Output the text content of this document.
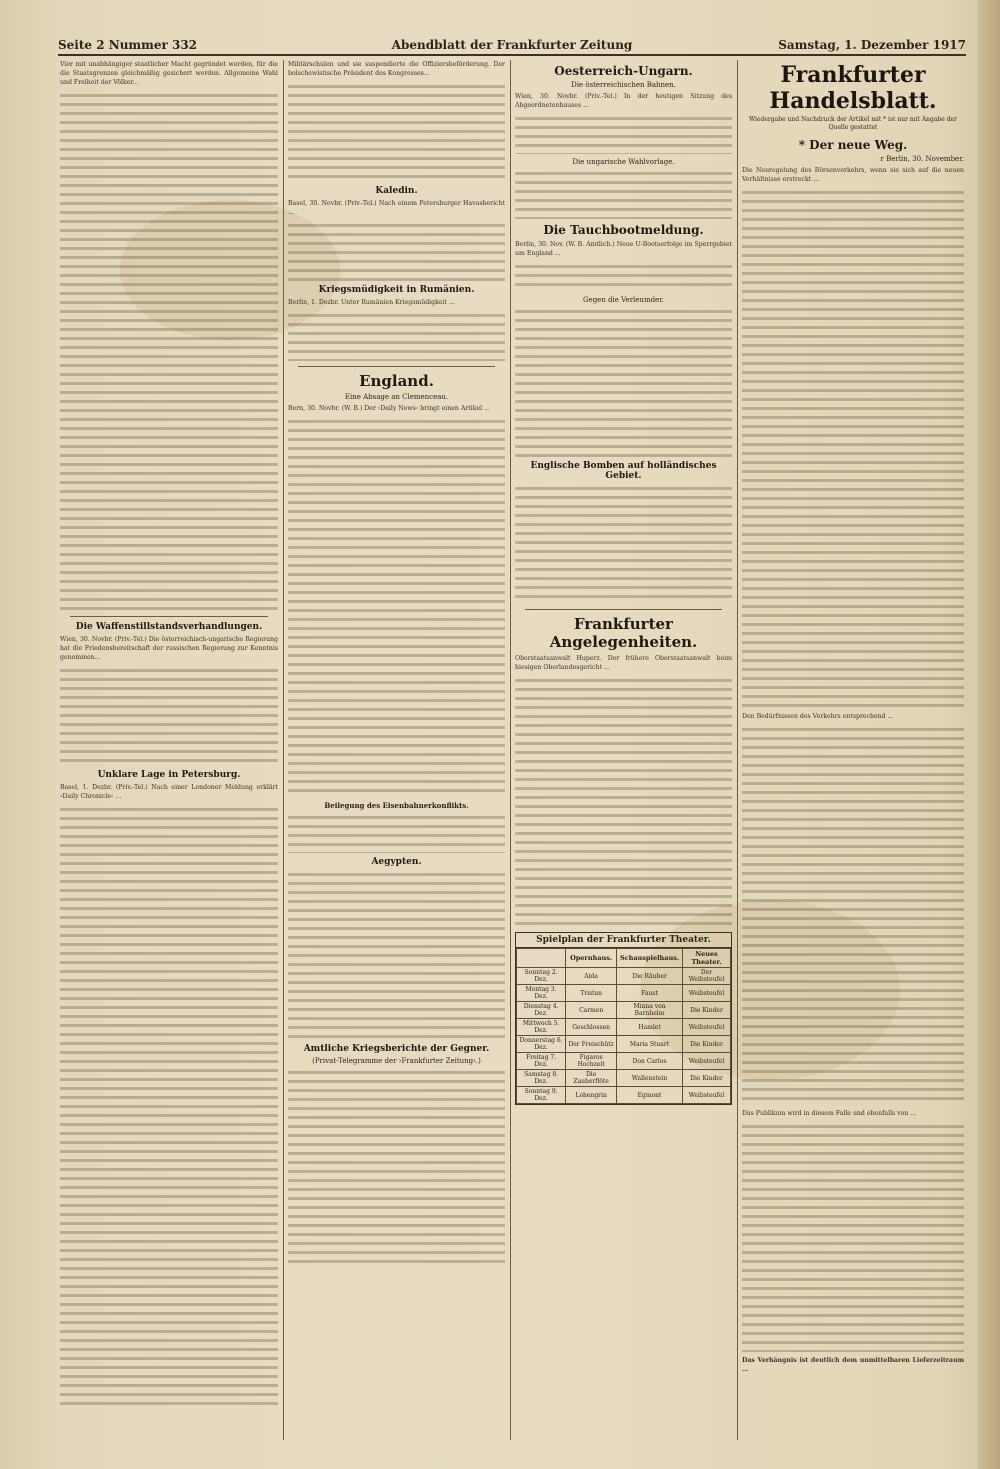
Seite 2 Nummer 332	Abendblatt der Frankfurter Zeitung	Samstag, 1. Dezember 1917

Vier mit unabhängiger staatlicher Macht gegründet werden, für die die Staatsgrenzen gleichmäßig gesichert werden. Allgemeine Wahl und Freiheit der Völker...

Die Waffenstillstandsverhandlungen.

Wien, 30. Novbr. (Priv.-Tel.) Die österreichisch-ungarische Regierung hat die Friedensbereitschaft der russischen Regierung zur Kenntnis genommen...

Unklare Lage in Petersburg.

Basel, 1. Dezbr. (Priv.-Tel.) Nach einer Londoner Meldung erklärt ›Daily Chronicle‹ ...

Militärschulen und sie suspendierte die Offiziersbeförderung. Der bolschewistische Präsident des Kongresses...

Kaledin.

Basel, 30. Novbr. (Priv.-Tel.) Nach einem Petersburger Havasbericht ...

Kriegsmüdigkeit in Rumänien.

Berlin, 1. Dezbr. Unter Rumänien Kriegsmüdigkeit ...

England.
Eine Absage an Clemenceau.

Bern, 30. Novbr. (W. B.) Der ›Daily News‹ bringt einen Artikel ...

Beilegung des Eisenbahnerkonflikts.
Aegypten.
Amtliche Kriegsberichte der Gegner.
(Privat-Telegramme der ›Frankfurter Zeitung‹.)
Oesterreich-Ungarn.
Die österreichischen Bahnen.

Wien, 30. Novbr. (Priv.-Tel.) In der heutigen Sitzung des Abgeordnetenhauses ...

Die ungarische Wahlvorlage.
Die Tauchbootmeldung.

Berlin, 30. Nov. (W. B. Amtlich.) Neue U-Bootserfolge im Sperrgebiet um England ...

Gegen die Verleumder.
Englische Bomben auf holländisches Gebiet.
Frankfurter Angelegenheiten.

Oberstaatsanwalt Huperz. Der frühere Oberstaatsanwalt beim hiesigen Oberlandesgericht ...

Spielplan der Frankfurter Theater.
	Opernhaus.	Schauspielhaus.	Neues Theater.
Sonntag 2. Dez.	Aida	Die Räuber	Der Weibsteufel
Montag 3. Dez.	Tristan	Faust	Weibsteufel
Dienstag 4. Dez.	Carmen	Minna von Barnhelm	Die Kinder
Mittwoch 5. Dez.	Geschlossen	Hamlet	Weibsteufel
Donnerstag 6. Dez.	Der Freischütz	Maria Stuart	Die Kinder
Freitag 7. Dez.	Figaros Hochzeit	Don Carlos	Weibsteufel
Samstag 8. Dez.	Die Zauberflöte	Wallenstein	Die Kinder
Sonntag 9. Dez.	Lohengrin	Egmont	Weibsteufel
Frankfurter Handelsblatt.
Wiedergabe und Nachdruck der Artikel mit * ist nur mit Angabe der Quelle gestattet
* Der neue Weg.
r Berlin, 30. November.

Die Neuregelung des Börsenverkehrs, wenn sie sich auf die neuen Verhältnisse erstreckt ...

Den Bedürfnissen des Verkehrs entsprechend ...

Das Publikum wird in diesem Falle und ebenfalls von ...

Das Verhängnis ist deutlich dem unmittelbaren Lieferzeitraum ...
